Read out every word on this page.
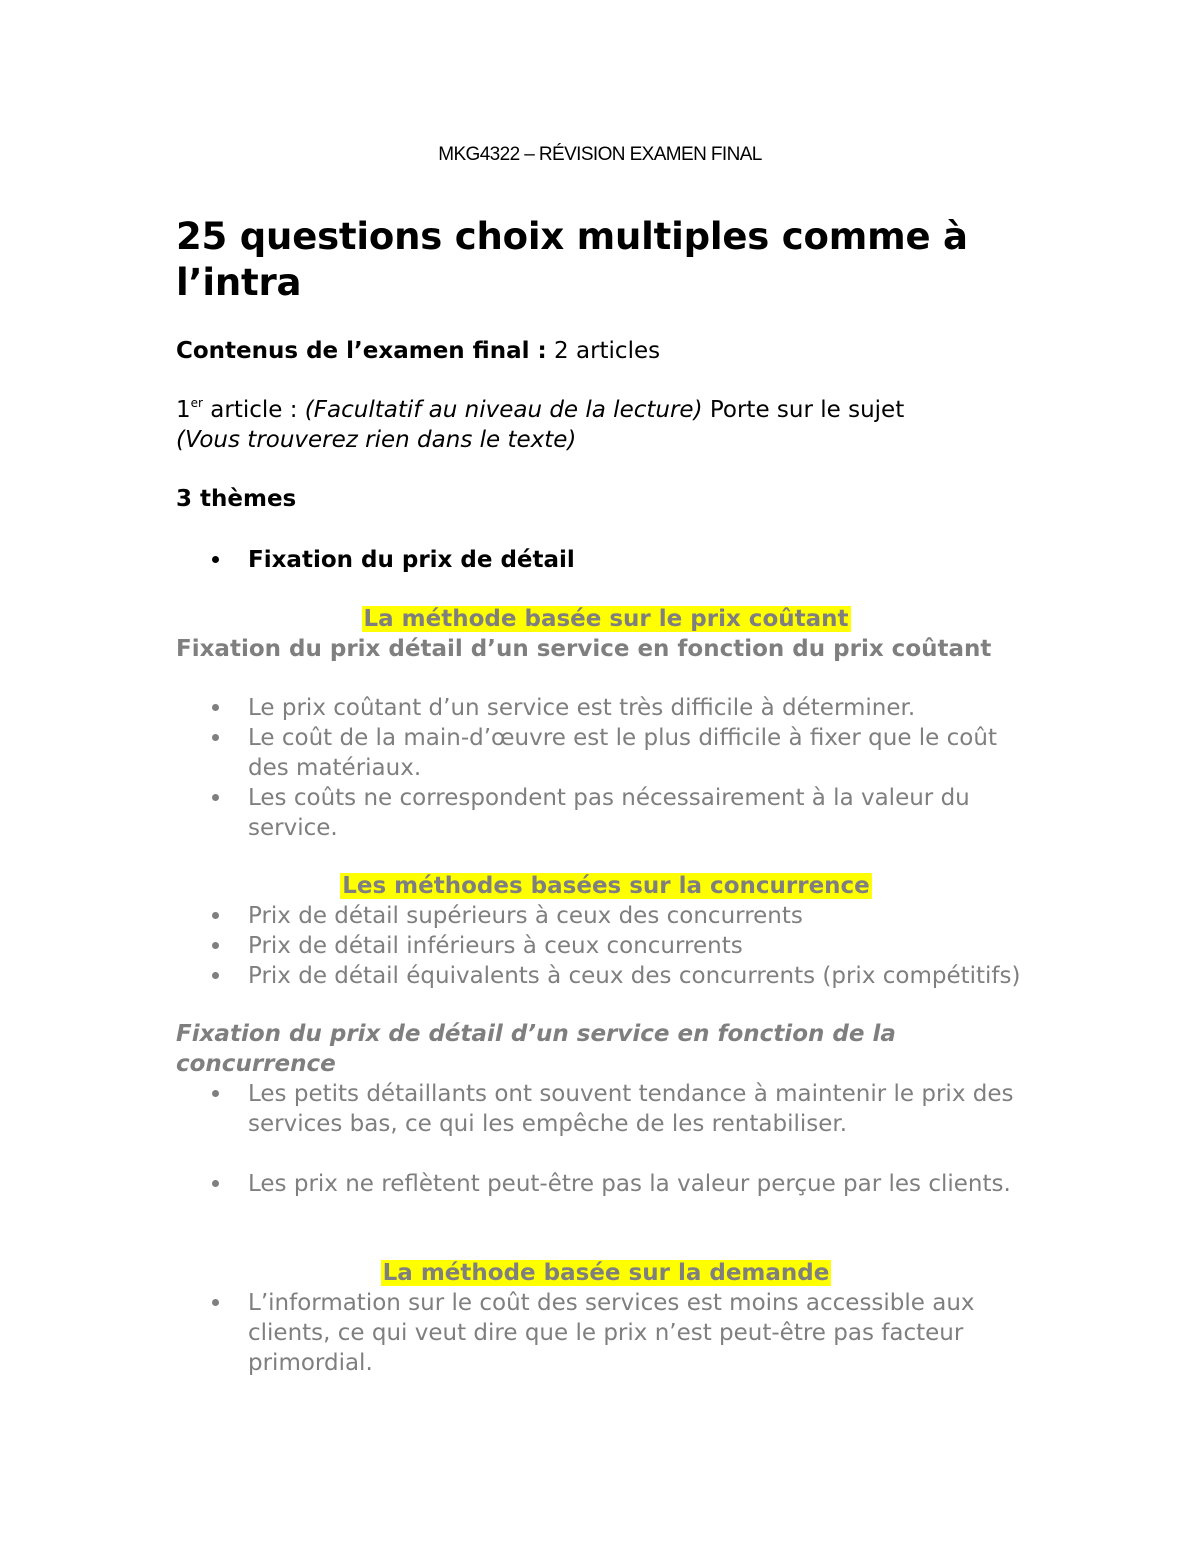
MKG4322 – RÉVISION EXAMEN FINAL
25 questions choix multiples comme à l’intra
Contenus de l’examen final : 2 articles
1er article : (Facultatif au niveau de la lecture) Porte sur le sujet
(Vous trouverez rien dans le texte)
3 thèmes
Fixation du prix de détail
La méthode basée sur le prix coûtant
Fixation du prix détail d’un service en fonction du prix coûtant
Le prix coûtant d’un service est très difficile à déterminer.
Le coût de la main-d’œuvre est le plus difficile à fixer que le coût des matériaux.
Les coûts ne correspondent pas nécessairement à la valeur du service.
Les méthodes basées sur la concurrence
Prix de détail supérieurs à ceux des concurrents
Prix de détail inférieurs à ceux concurrents
Prix de détail équivalents à ceux des concurrents (prix compétitifs)
Fixation du prix de détail d’un service en fonction de la concurrence
Les petits détaillants ont souvent tendance à maintenir le prix des services bas, ce qui les empêche de les rentabiliser.
Les prix ne reflètent peut-être pas la valeur perçue par les clients.
La méthode basée sur la demande
L’information sur le coût des services est moins accessible aux clients, ce qui veut dire que le prix n’est peut-être pas facteur primordial.
